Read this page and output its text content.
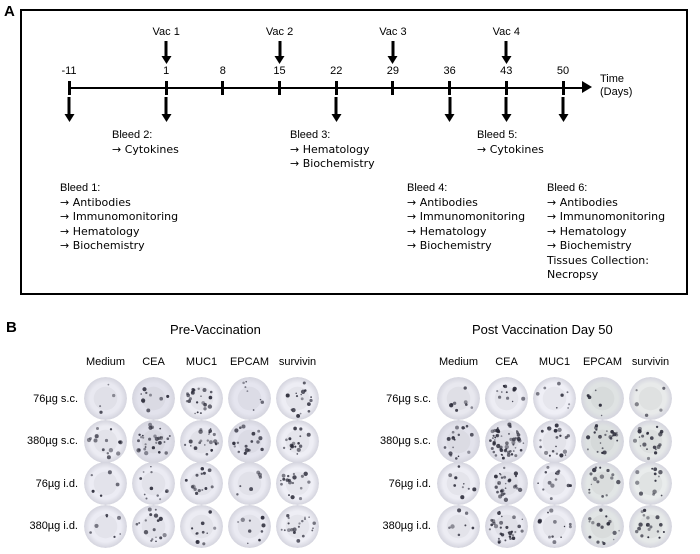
A
Time
(Days)
-11	1	8	15	22	29	36	43	50
Vac 1	Vac 2	Vac 3	Vac 4
Bleed 1:
→ Antibodies
→ Immunomonitoring
→ Hematology
→ Biochemistry
Bleed 2:
→ Cytokines
Bleed 3:
→ Hematology
→ Biochemistry
Bleed 4:
→ Antibodies
→ Immunomonitoring
→ Hematology
→ Biochemistry
Bleed 5:
→ Cytokines
Bleed 6:
→ Antibodies
→ Immunomonitoring
→ Hematology
→ Biochemistry
Tissues Collection:
Necropsy
B	Pre-Vaccination
Medium CEA MUC1 EPCAM survivin
76µg s.c.
380µg s.c.
76µg i.d.
380µg i.d.
Post Vaccination Day 50
Medium CEA MUC1 EPCAM survivin
76µg s.c.
380µg s.c.
76µg i.d.
380µg i.d.
